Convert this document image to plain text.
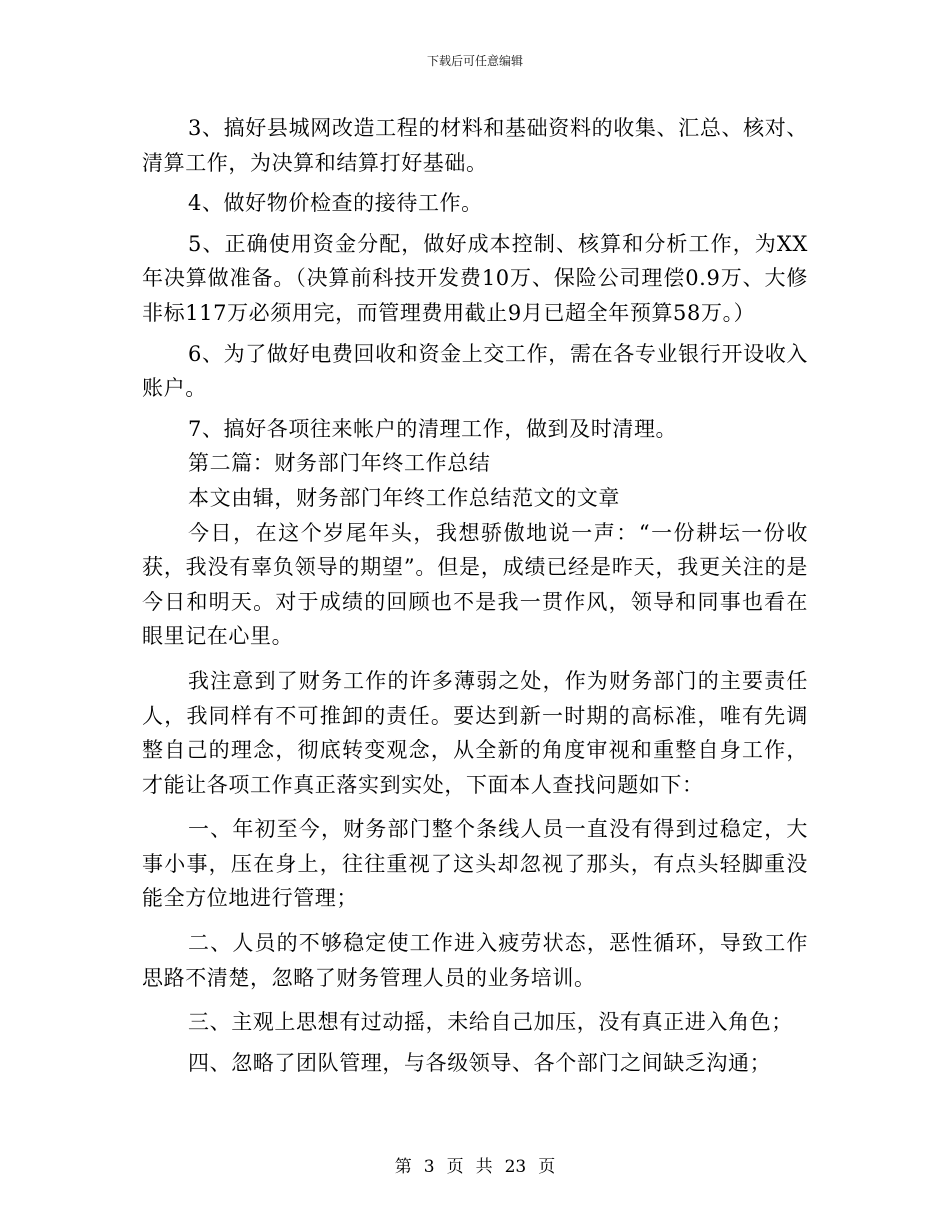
下载后可任意编辑

3、搞好县城网改造工程的材料和基础资料的收集、汇总、核对、清算工作，为决算和结算打好基础。

4、做好物价检查的接待工作。

5、正确使用资金分配，做好成本控制、核算和分析工作，为XX年决算做准备。（决算前科技开发费10万、保险公司理偿0.9万、大修非标117万必须用完，而管理费用截止9月已超全年预算58万。）

6、为了做好电费回收和资金上交工作，需在各专业银行开设收入账户。

7、搞好各项往来帐户的清理工作，做到及时清理。

第二篇：财务部门年终工作总结

本文由辑，财务部门年终工作总结范文的文章

今日，在这个岁尾年头，我想骄傲地说一声：“一份耕坛一份收获，我没有辜负领导的期望”。但是，成绩已经是昨天，我更关注的是今日和明天。对于成绩的回顾也不是我一贯作风，领导和同事也看在眼里记在心里。

我注意到了财务工作的许多薄弱之处，作为财务部门的主要责任人，我同样有不可推卸的责任。要达到新一时期的高标准，唯有先调整自己的理念，彻底转变观念，从全新的角度审视和重整自身工作，才能让各项工作真正落实到实处，下面本人查找问题如下：

一、年初至今，财务部门整个条线人员一直没有得到过稳定，大事小事，压在身上，往往重视了这头却忽视了那头，有点头轻脚重没能全方位地进行管理；

二、人员的不够稳定使工作进入疲劳状态，恶性循环，导致工作思路不清楚，忽略了财务管理人员的业务培训。

三、主观上思想有过动摇，未给自己加压，没有真正进入角色；

四、忽略了团队管理，与各级领导、各个部门之间缺乏沟通；

第 3 页 共 23 页
